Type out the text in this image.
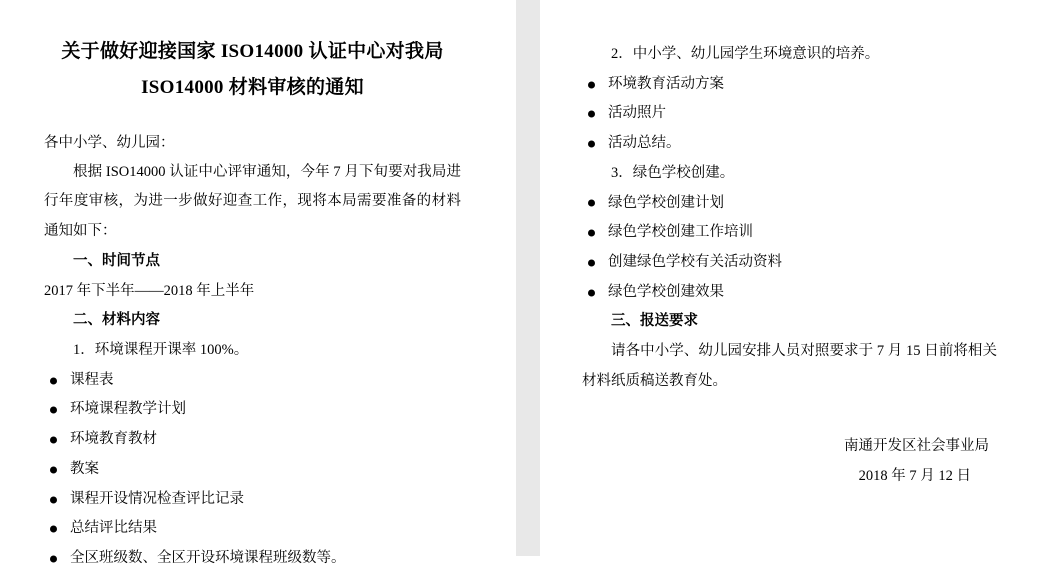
关于做好迎接国家 ISO14000 认证中心对我局
ISO14000 材料审核的通知
各中小学、幼儿园：

根据 ISO14000 认证中心评审通知，今年 7 月下旬要对我局进行年度审核，为进一步做好迎查工作，现将本局需要准备的材料通知如下：

一、时间节点

2017 年下半年——2018 年上半年

二、材料内容

1．环境课程开课率 100%。

课程表

环境课程教学计划

环境教育教材

教案

课程开设情况检查评比记录

总结评比结果

全区班级数、全区开设环境课程班级数等。

2．中小学、幼儿园学生环境意识的培养。

环境教育活动方案

活动照片

活动总结。

3．绿色学校创建。

绿色学校创建计划

绿色学校创建工作培训

创建绿色学校有关活动资料

绿色学校创建效果

三、报送要求

请各中小学、幼儿园安排人员对照要求于 7 月 15 日前将相关材料纸质稿送教育处。

南通开发区社会事业局
2018 年 7 月 12 日
